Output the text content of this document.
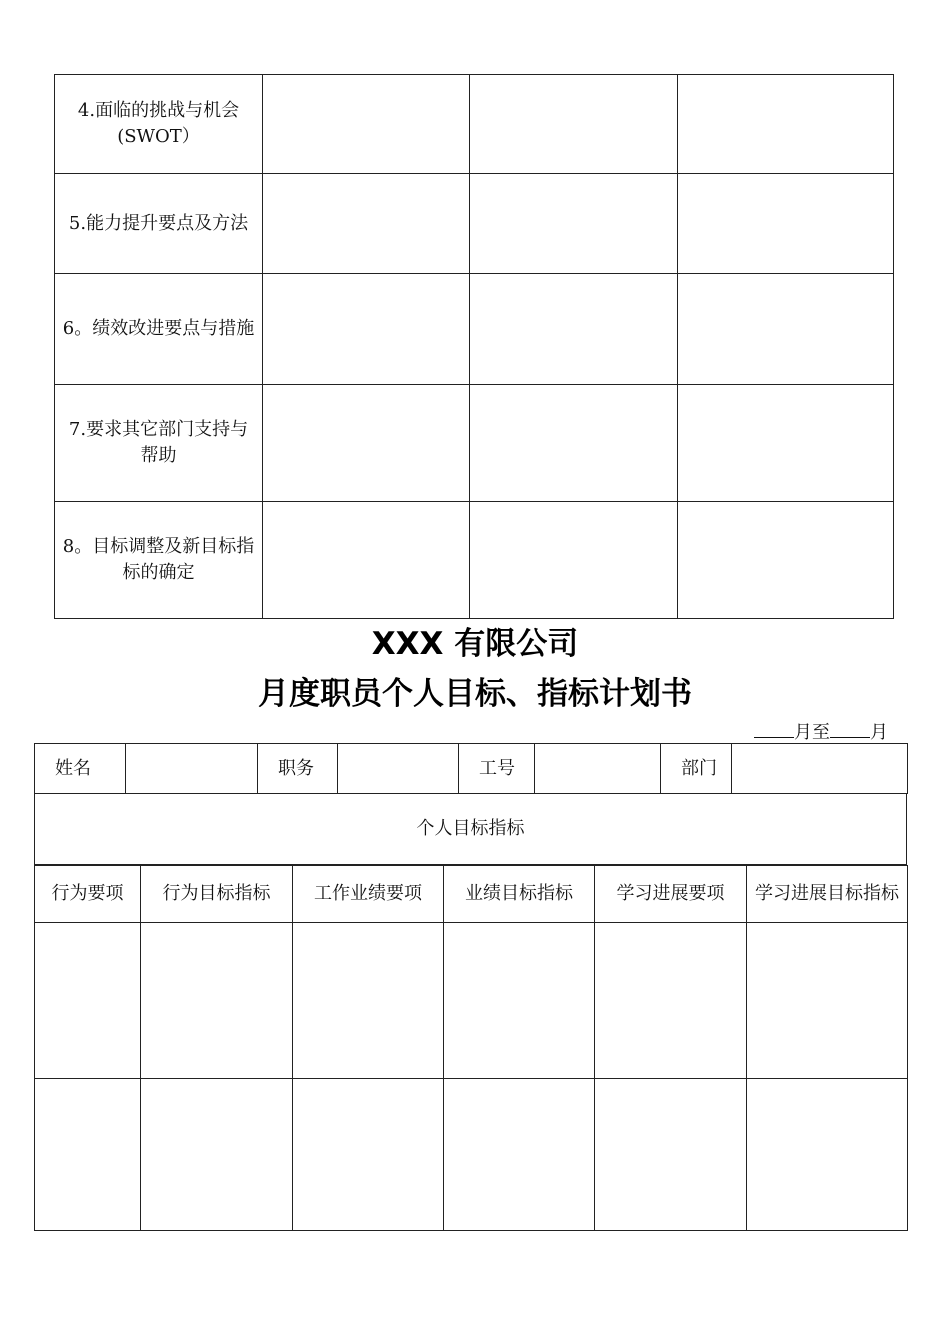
4.面临的挑战与机会(SWOT）			
5.能力提升要点及方法			
6。绩效改进要点与措施			
7.要求其它部门支持与帮助			
8。目标调整及新目标指标的确定			
XXX 有限公司
月度职员个人目标、指标计划书
月至 月
姓名		职务		工号		部门	
个人目标指标
行为要项	行为目标指标	工作业绩要项	业绩目标指标	学习进展要项	学习进展目标指标
